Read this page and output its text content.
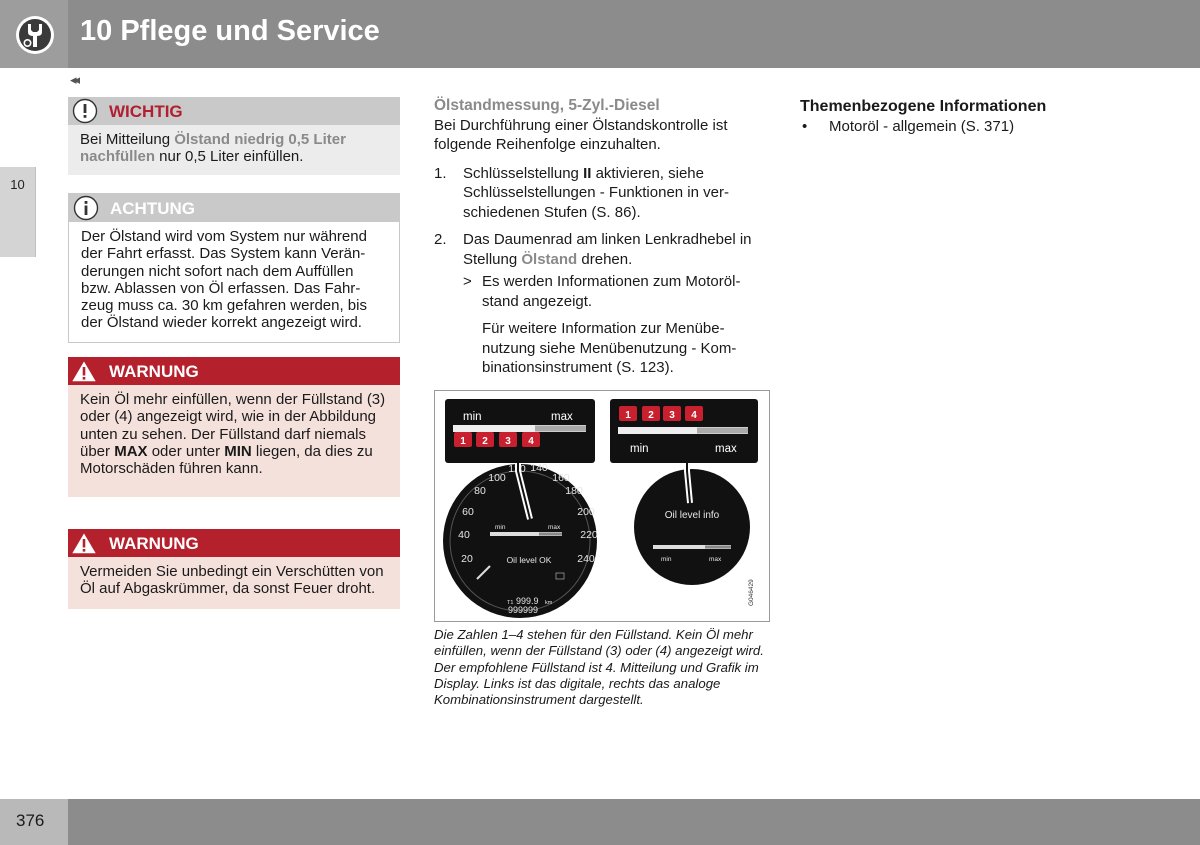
10 Pflege und Service
◂◂
10
WICHTIG
Bei Mitteilung Ölstand niedrig 0,5 Liter nachfüllen nur 0,5 Liter einfüllen.
ACHTUNG
Der Ölstand wird vom System nur während der Fahrt erfasst. Das System kann Veränderungen nicht sofort nach dem Auffüllen bzw. Ablassen von Öl erfassen. Das Fahrzeug muss ca. 30 km gefahren werden, bis der Ölstand wieder korrekt angezeigt wird.
WARNUNG
Kein Öl mehr einfüllen, wenn der Füllstand (3) oder (4) angezeigt wird, wie in der Abbildung unten zu sehen. Der Füllstand darf niemals über MAX oder unter MIN liegen, da dies zu Motorschäden führen kann.
WARNUNG
Vermeiden Sie unbedingt ein Verschütten von Öl auf Abgaskrümmer, da sonst Feuer droht.
Ölstandmessung, 5-Zyl.-Diesel
Bei Durchführung einer Ölstandskontrolle ist folgende Reihenfolge einzuhalten.
1. Schlüsselstellung II aktivieren, siehe Schlüsselstellungen - Funktionen in verschiedenen Stufen (S. 86).
2. Das Daumenrad am linken Lenkradhebel in Stellung Ölstand drehen.
> Es werden Informationen zum Motorölstand angezeigt.
Für weitere Information zur Menübenutzung siehe Menübenutzung - Kombinationsinstrument (S. 123).
min	max
1 2 3 4
20
40
60
80
100
120 140
160
180
200
220
240
min	max
Oil level OK
T1 999.9 km
999999
1 2 3 4
min	max
Oil level info
min	max
G046429
Die Zahlen 1–4 stehen für den Füllstand. Kein Öl mehr einfüllen, wenn der Füllstand (3) oder (4) angezeigt wird. Der empfohlene Füllstand ist 4. Mitteilung und Grafik im Display. Links ist das digitale, rechts das analoge Kombinationsinstrument dargestellt.
Themenbezogene Informationen
• Motoröl - allgemein (S. 371)
376
